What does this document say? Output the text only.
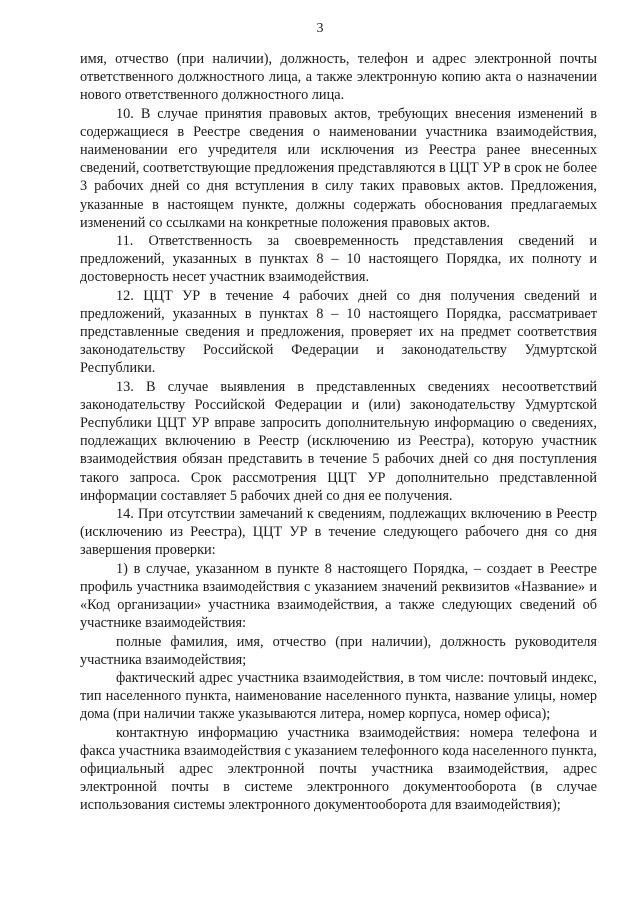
3

имя, отчество (при наличии), должность, телефон и адрес электронной почты ответственного должностного лица, а также электронную копию акта о назначении нового ответственного должностного лица.

10. В случае принятия правовых актов, требующих внесения изменений в содержащиеся в Реестре сведения о наименовании участника взаимодействия, наименовании его учредителя или исключения из Реестра ранее внесенных сведений, соответствующие предложения представляются в ЦЦТ УР в срок не более 3 рабочих дней со дня вступления в силу таких правовых актов. Предложения, указанные в настоящем пункте, должны содержать обоснования предлагаемых изменений со ссылками на конкретные положения правовых актов.

11. Ответственность за своевременность представления сведений и предложений, указанных в пунктах 8 – 10 настоящего Порядка, их полноту и достоверность несет участник взаимодействия.

12. ЦЦТ УР в течение 4 рабочих дней со дня получения сведений и предложений, указанных в пунктах 8 – 10 настоящего Порядка, рассматривает представленные сведения и предложения, проверяет их на предмет соответствия законодательству Российской Федерации и законодательству Удмуртской Республики.

13. В случае выявления в представленных сведениях несоответствий законодательству Российской Федерации и (или) законодательству Удмуртской Республики ЦЦТ УР вправе запросить дополнительную информацию о сведениях, подлежащих включению в Реестр (исключению из Реестра), которую участник взаимодействия обязан представить в течение 5 рабочих дней со дня поступления такого запроса. Срок рассмотрения ЦЦТ УР дополнительно представленной информации составляет 5 рабочих дней со дня ее получения.

14. При отсутствии замечаний к сведениям, подлежащих включению в Реестр (исключению из Реестра), ЦЦТ УР в течение следующего рабочего дня со дня завершения проверки:

1) в случае, указанном в пункте 8 настоящего Порядка, – создает в Реестре профиль участника взаимодействия с указанием значений реквизитов «Название» и «Код организации» участника взаимодействия, а также следующих сведений об участнике взаимодействия:

полные фамилия, имя, отчество (при наличии), должность руководителя участника взаимодействия;

фактический адрес участника взаимодействия, в том числе: почтовый индекс, тип населенного пункта, наименование населенного пункта, название улицы, номер дома (при наличии также указываются литера, номер корпуса, номер офиса);

контактную информацию участника взаимодействия: номера телефона и факса участника взаимодействия с указанием телефонного кода населенного пункта, официальный адрес электронной почты участника взаимодействия, адрес электронной почты в системе электронного документооборота (в случае использования системы электронного документооборота для взаимодействия);
